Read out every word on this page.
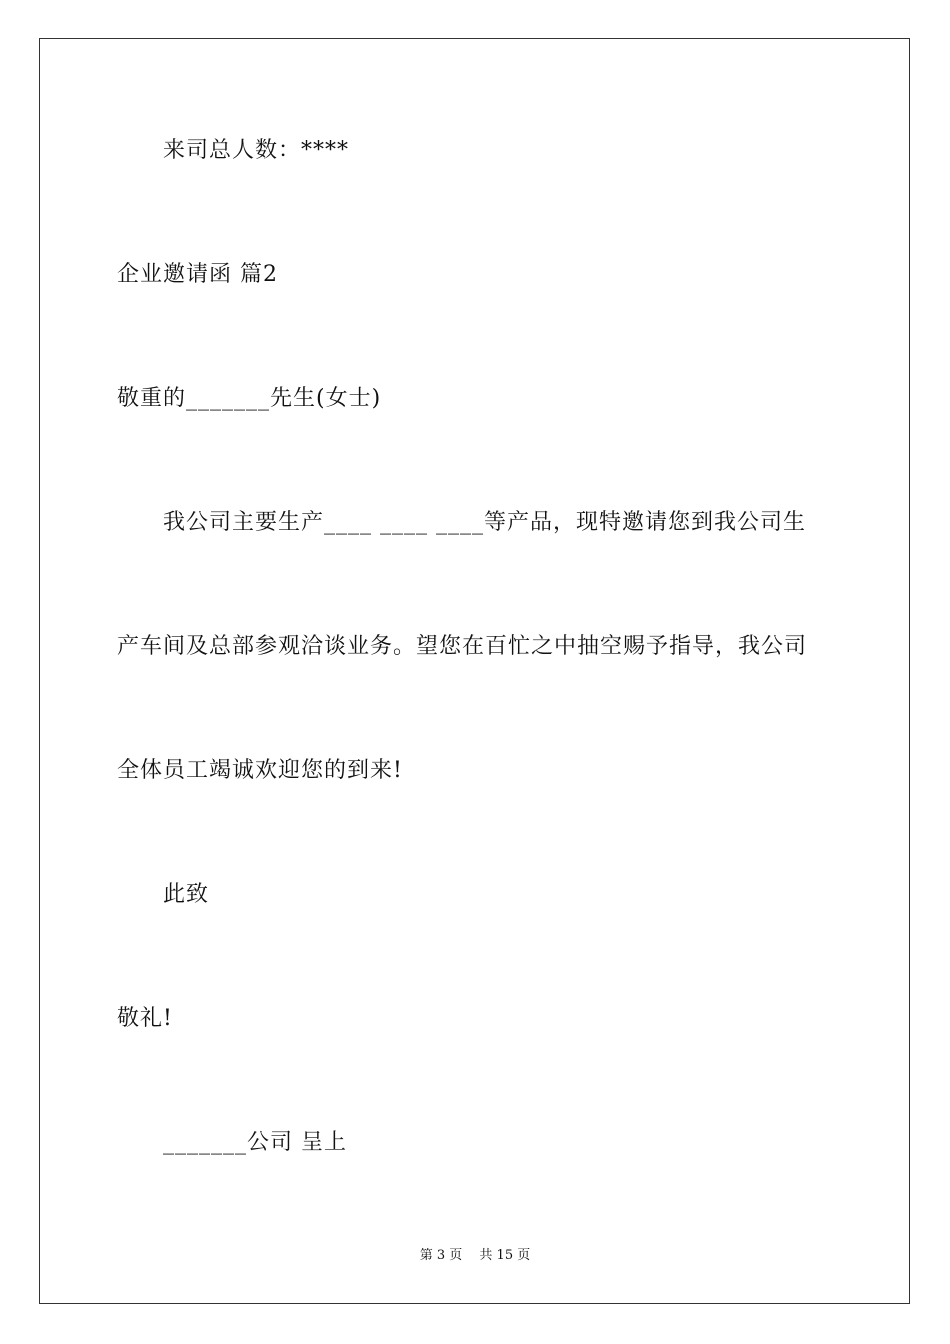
来司总人数：****
企业邀请函 篇2
敬重的_______先生(女士)
我公司主要生产____ ____ ____等产品，现特邀请您到我公司生
产车间及总部参观洽谈业务。望您在百忙之中抽空赐予指导，我公司
全体员工竭诚欢迎您的到来!
此致
敬礼!
_______公司 呈上
第 3 页　 共 15 页
